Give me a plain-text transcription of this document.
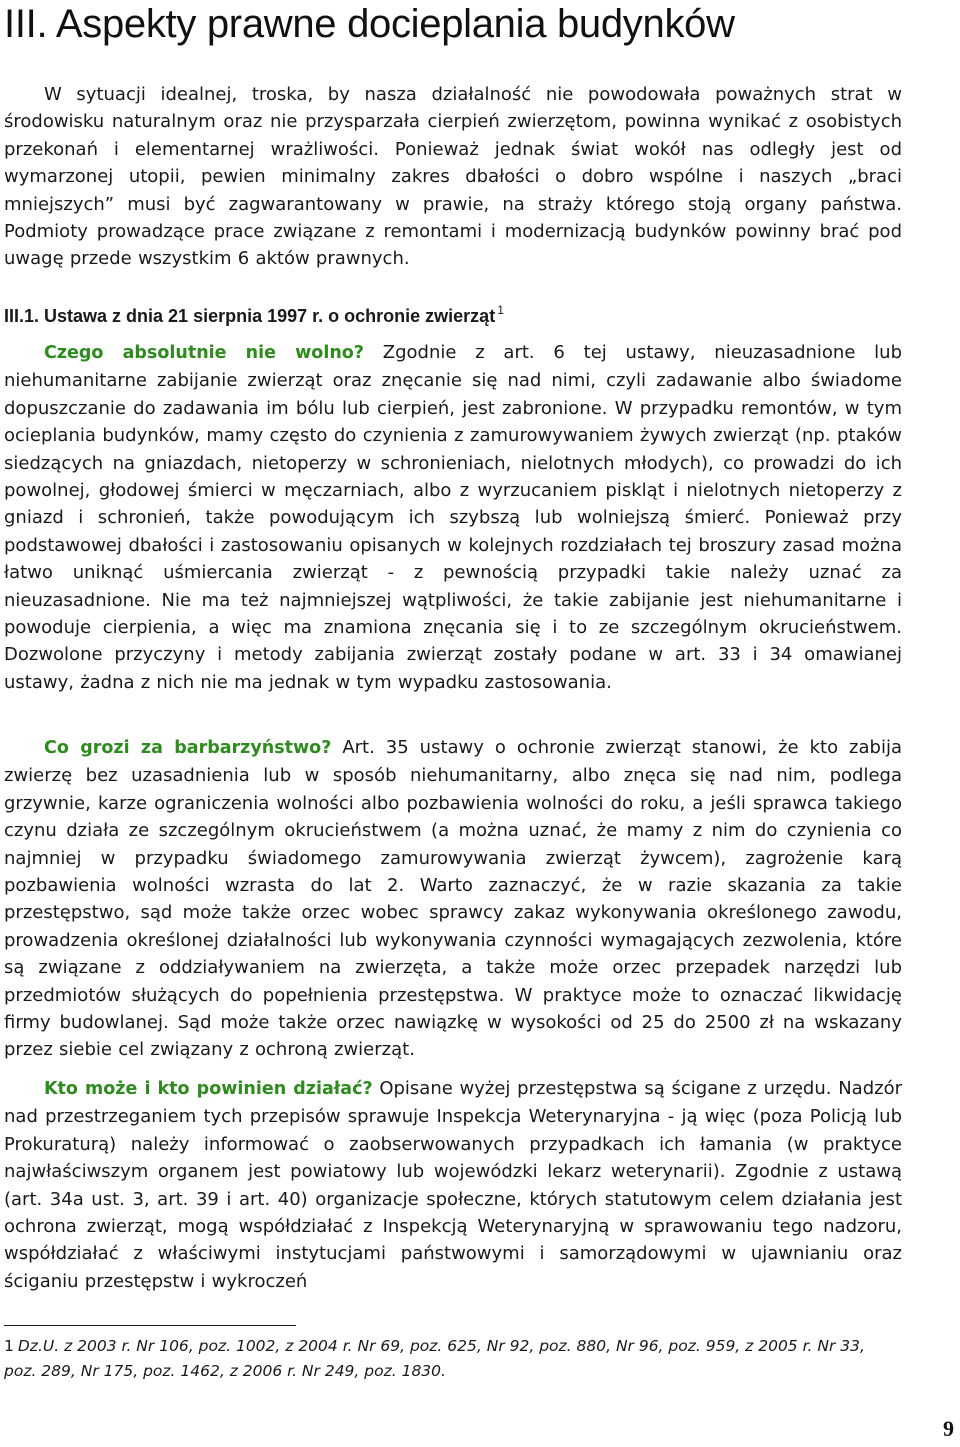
III. Aspekty prawne docieplania budynków

W sytuacji idealnej, troska, by nasza działalność nie powodowała poważnych strat w środowisku naturalnym oraz nie przysparzała cierpień zwierzętom, powinna wynikać z osobistych przekonań i elementarnej wrażliwości. Ponieważ jednak świat wokół nas odległy jest od wymarzonej utopii, pewien minimalny zakres dbałości o dobro wspólne i naszych „braci mniejszych” musi być zagwarantowany w prawie, na straży którego stoją organy państwa. Podmioty prowadzące prace związane z remontami i modernizacją budynków powinny brać pod uwagę przede wszystkim 6 aktów prawnych.

III.1. Ustawa z dnia 21 sierpnia 1997 r. o ochronie zwierząt $^1$

Czego absolutnie nie wolno? Zgodnie z art. 6 tej ustawy, nieuzasadnione lub niehumanitarne zabijanie zwierząt oraz znęcanie się nad nimi, czyli zadawanie albo świadome dopuszczanie do zadawania im bólu lub cierpień, jest zabronione. W przypadku remontów, w tym ocieplania budynków, mamy często do czynienia z zamurowywaniem żywych zwierząt (np. ptaków siedzących na gniazdach, nietoperzy w schronieniach, nielotnych młodych), co prowadzi do ich powolnej, głodowej śmierci w męczarniach, albo z wyrzucaniem piskląt i nielotnych nietoperzy z gniazd i schronień, także powodującym ich szybszą lub wolniejszą śmierć. Ponieważ przy podstawowej dbałości i zastosowaniu opisanych w kolejnych rozdziałach tej broszury zasad można łatwo uniknąć uśmiercania zwierząt - z pewnością przypadki takie należy uznać za nieuzasadnione. Nie ma też najmniejszej wątpliwości, że takie zabijanie jest niehumanitarne i powoduje cierpienia, a więc ma znamiona znęcania się i to ze szczególnym okrucieństwem. Dozwolone przyczyny i metody zabijania zwierząt zostały podane w art. 33 i 34 omawianej ustawy, żadna z nich nie ma jednak w tym wypadku zastosowania.

Co grozi za barbarzyństwo? Art. 35 ustawy o ochronie zwierząt stanowi, że kto zabija zwierzę bez uzasadnienia lub w sposób niehumanitarny, albo znęca się nad nim, podlega grzywnie, karze ograniczenia wolności albo pozbawienia wolności do roku, a jeśli sprawca takiego czynu działa ze szczególnym okrucieństwem (a można uznać, że mamy z nim do czynienia co najmniej w przypadku świadomego zamurowywania zwierząt żywcem), zagrożenie karą pozbawienia wolności wzrasta do lat 2. Warto zaznaczyć, że w razie skazania za takie przestępstwo, sąd może także orzec wobec sprawcy zakaz wykonywania określonego zawodu, prowadzenia określonej działalności lub wykonywania czynności wymagających zezwolenia, które są związane z oddziaływaniem na zwierzęta, a także może orzec przepadek narzędzi lub przedmiotów służących do popełnienia przestępstwa. W praktyce może to oznaczać likwidację firmy budowlanej. Sąd może także orzec nawiązkę w wysokości od 25 do 2500 zł na wskazany przez siebie cel związany z ochroną zwierząt.

Kto może i kto powinien działać? Opisane wyżej przestępstwa są ścigane z urzędu. Nadzór nad przestrzeganiem tych przepisów sprawuje Inspekcja Weterynaryjna - ją więc (poza Policją lub Prokuraturą) należy informować o zaobserwowanych przypadkach ich łamania (w praktyce najwłaściwszym organem jest powiatowy lub wojewódzki lekarz weterynarii). Zgodnie z ustawą (art. 34a ust. 3, art. 39 i art. 40) organizacje społeczne, których statutowym celem działania jest ochrona zwierząt, mogą współdziałać z Inspekcją Weterynaryjną w sprawowaniu tego nadzoru, współdziałać z właściwymi instytucjami państwowymi i samorządowymi w ujawnianiu oraz ściganiu przestępstw i wykroczeń

1 Dz.U. z 2003 r. Nr 106, poz. 1002, z 2004 r. Nr 69, poz. 625, Nr 92, poz. 880, Nr 96, poz. 959, z 2005 r. Nr 33, poz. 289, Nr 175, poz. 1462, z 2006 r. Nr 249, poz. 1830.

9
